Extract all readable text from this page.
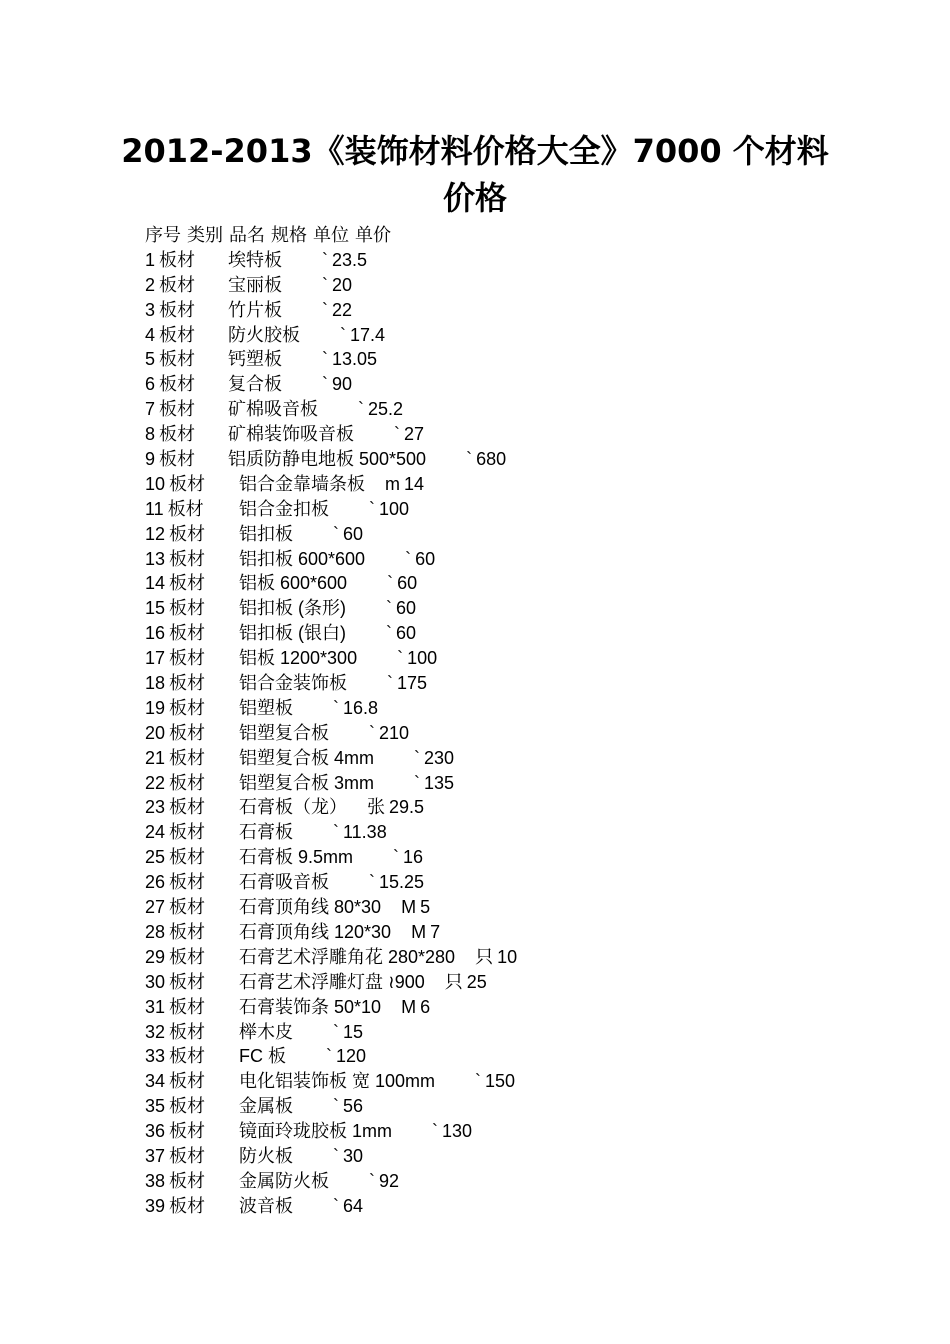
2012-2013《装饰材料价格大全》7000 个材料
价格
序号 类别 品名 规格 单位 单价
1 板材	埃特板 ` 23.5
2 板材	宝丽板 ` 20
3 板材	竹片板 ` 22
4 板材	防火胶板 ` 17.4
5 板材	钙塑板 ` 13.05
6 板材	复合板 ` 90
7 板材	矿棉吸音板 ` 25.2
8 板材	矿棉装饰吸音板 ` 27
9 板材	铝质防静电地板 500*500 ` 680
10 板材	铝合金靠墙条板 m 14
11 板材	铝合金扣板 ` 100
12 板材	铝扣板 ` 60
13 板材	铝扣板 600*600 ` 60
14 板材	铝板 600*600 ` 60
15 板材	铝扣板 (条形) ` 60
16 板材	铝扣板 (银白) ` 60
17 板材	铝板 1200*300 ` 100
18 板材	铝合金装饰板 ` 175
19 板材	铝塑板 ` 16.8
20 板材	铝塑复合板 ` 210
21 板材	铝塑复合板 4mm ` 230
22 板材	铝塑复合板 3mm ` 135
23 板材	石膏板（龙） 张 29.5
24 板材	石膏板 ` 11.38
25 板材	石膏板 9.5mm ` 16
26 板材	石膏吸音板 ` 15.25
27 板材	石膏顶角线 80*30 M 5
28 板材	石膏顶角线 120*30 M 7
29 板材	石膏艺术浮雕角花 280*280 只 10
30 板材	石膏艺术浮雕灯盘 ≀900 只 25
31 板材	石膏装饰条 50*10 M 6
32 板材	榉木皮 ` 15
33 板材	FC 板 ` 120
34 板材	电化铝装饰板 宽 100mm ` 150
35 板材	金属板 ` 56
36 板材	镜面玲珑胶板 1mm ` 130
37 板材	防火板 ` 30
38 板材	金属防火板 ` 92
39 板材	波音板 ` 64
